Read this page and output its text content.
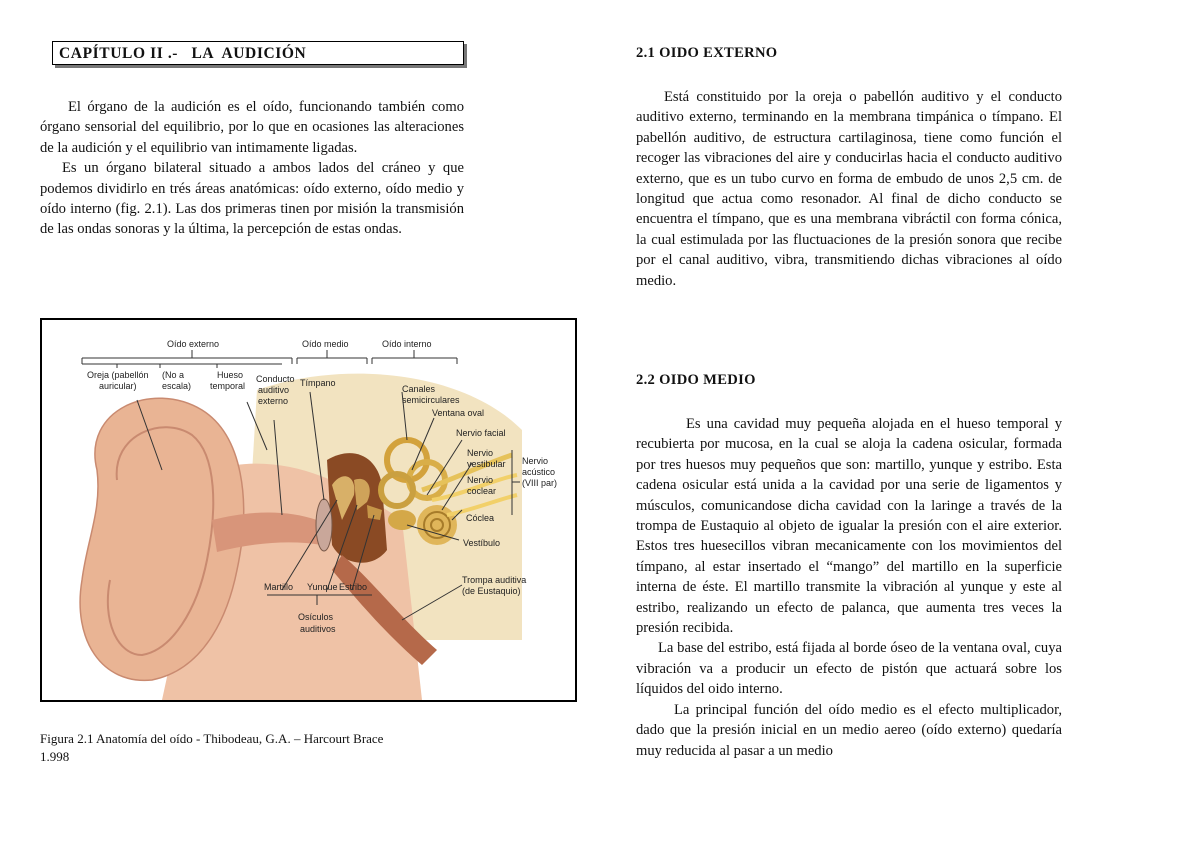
CAPÍTULO II .-   LA  AUDICIÓN

El órgano de la audición es el oído, funcionando también como órgano sensorial del equilibrio, por lo que en ocasiones las alteraciones de la audición y el equilibrio van intimamente ligadas.

Es un órgano bilateral situado a ambos lados del cráneo y que podemos dividirlo en trés áreas anatómicas: oído externo, oído medio y oído interno (fig. 2.1). Las dos primeras tinen por misión la transmisión de las ondas sonoras y la última, la percepción de estas ondas.

Oído externo	Oído medio	Oído interno
Oreja (pabellón
auricular)
(No a
escala)
Hueso
temporal
Conducto
auditivo
externo
Tímpano
Canales
semicirculares
Ventana oval
Nervio facial
Nervio
vestibular
Nervio
coclear
Nervio
acústico
(VIII par)
Cóclea
Vestíbulo
Trompa auditiva
(de Eustaquio)
Martillo Yunque Estribo
Osículos
auditivos
Figura 2.1 Anatomía del oído - Thibodeau, G.A. – Harcourt Brace
1.998
2.1 OIDO EXTERNO

Está constituido por la oreja o pabellón auditivo y el conducto auditivo externo, terminando en la membrana timpánica o tímpano. El pabellón auditivo, de estructura cartilaginosa, tiene como función el recoger las vibraciones del aire y conducirlas hacia el conducto auditivo externo, que es un tubo curvo en forma de embudo de unos 2,5 cm. de longitud que actua como resonador. Al final de dicho conducto se encuentra el tímpano, que es una membrana vibráctil con forma cónica, la cual estimulada por las fluctuaciones de la presión sonora que recibe por el canal auditivo, vibra, transmitiendo dichas vibraciones al oído medio.

2.2 OIDO MEDIO

Es una cavidad muy pequeña alojada en el hueso temporal y recubierta por mucosa, en la cual se aloja la cadena osicular, formada por tres huesos muy pequeños que son: martillo, yunque y estribo. Esta cadena osicular está unida a la cavidad por una serie de ligamentos y músculos, comunicandose dicha cavidad con la laringe a través de la trompa de Eustaquio al objeto de igualar la presión con el aire exterior. Estos tres huesecillos vibran mecanicamente con los movimientos del tímpano, al estar insertado el “mango” del martillo en la superficie interna de éste. El martillo transmite la vibración al yunque y este al estribo, realizando un efecto de palanca, que aumenta tres veces la presión recibida.

La base del estribo, está fijada al borde óseo de la ventana oval, cuya vibración va a producir un efecto de pistón que actuará sobre los líquidos del oido interno.

La principal función del oído medio es el efecto multiplicador, dado que la presión inicial en un medio aereo (oído externo) quedaría muy reducida al pasar a un medio
